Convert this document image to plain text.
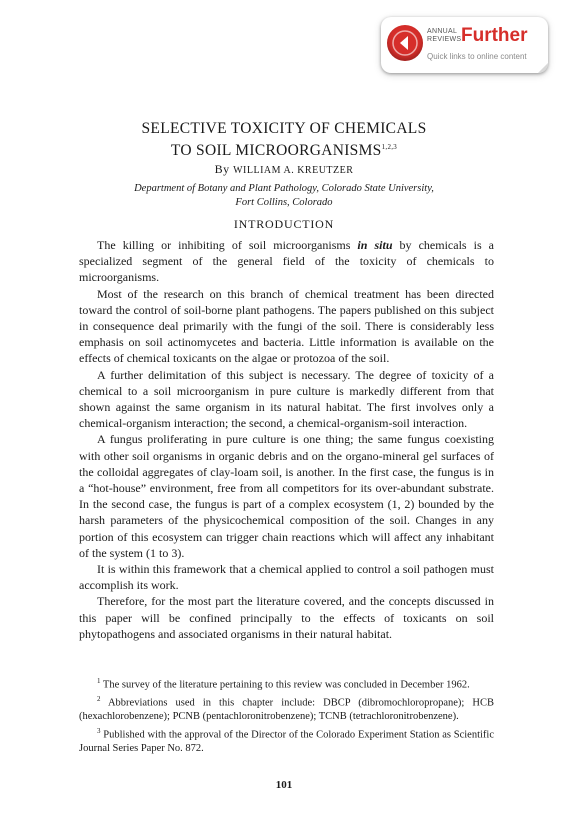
ANNUAL
REVIEWS Further
Quick links to online content
SELECTIVE TOXICITY OF CHEMICALS
TO SOIL MICROORGANISMS$^{1,2,3}$
By WILLIAM A. KREUTZER
Department of Botany and Plant Pathology, Colorado State University,
Fort Collins, Colorado
INTRODUCTION

The killing or inhibiting of soil microorganisms in situ by chemicals is a specialized segment of the general field of the toxicity of chemicals to microorganisms.

Most of the research on this branch of chemical treatment has been directed toward the control of soil-borne plant pathogens. The papers published on this subject in consequence deal primarily with the fungi of the soil. There is considerably less emphasis on soil actinomycetes and bacteria. Little information is available on the effects of chemical toxicants on the algae or protozoa of the soil.

A further delimitation of this subject is necessary. The degree of toxicity of a chemical to a soil microorganism in pure culture is markedly different from that shown against the same organism in its natural habitat. The first involves only a chemical-organism interaction; the second, a chemical-organism-soil interaction.

A fungus proliferating in pure culture is one thing; the same fungus coexisting with other soil organisms in organic debris and on the organo-mineral gel surfaces of the colloidal aggregates of clay-loam soil, is another. In the first case, the fungus is in a “hot-house” environment, free from all competitors for its over-abundant substrate. In the second case, the fungus is part of a complex ecosystem (1, 2) bounded by the harsh parameters of the physicochemical composition of the soil. Changes in any portion of this ecosystem can trigger chain reactions which will affect any inhabitant of the system (1 to 3).

It is within this framework that a chemical applied to control a soil pathogen must accomplish its work.

Therefore, for the most part the literature covered, and the concepts discussed in this paper will be confined principally to the effects of toxicants on soil phytopathogens and associated organisms in their natural habitat.

$^1$ The survey of the literature pertaining to this review was concluded in December 1962.

$^2$ Abbreviations used in this chapter include: DBCP (dibromochloropropane); HCB (hexachlorobenzene); PCNB (pentachloronitrobenzene); TCNB (tetrachloronitrobenzene).

$^3$ Published with the approval of the Director of the Colorado Experiment Station as Scientific Journal Series Paper No. 872.

101
